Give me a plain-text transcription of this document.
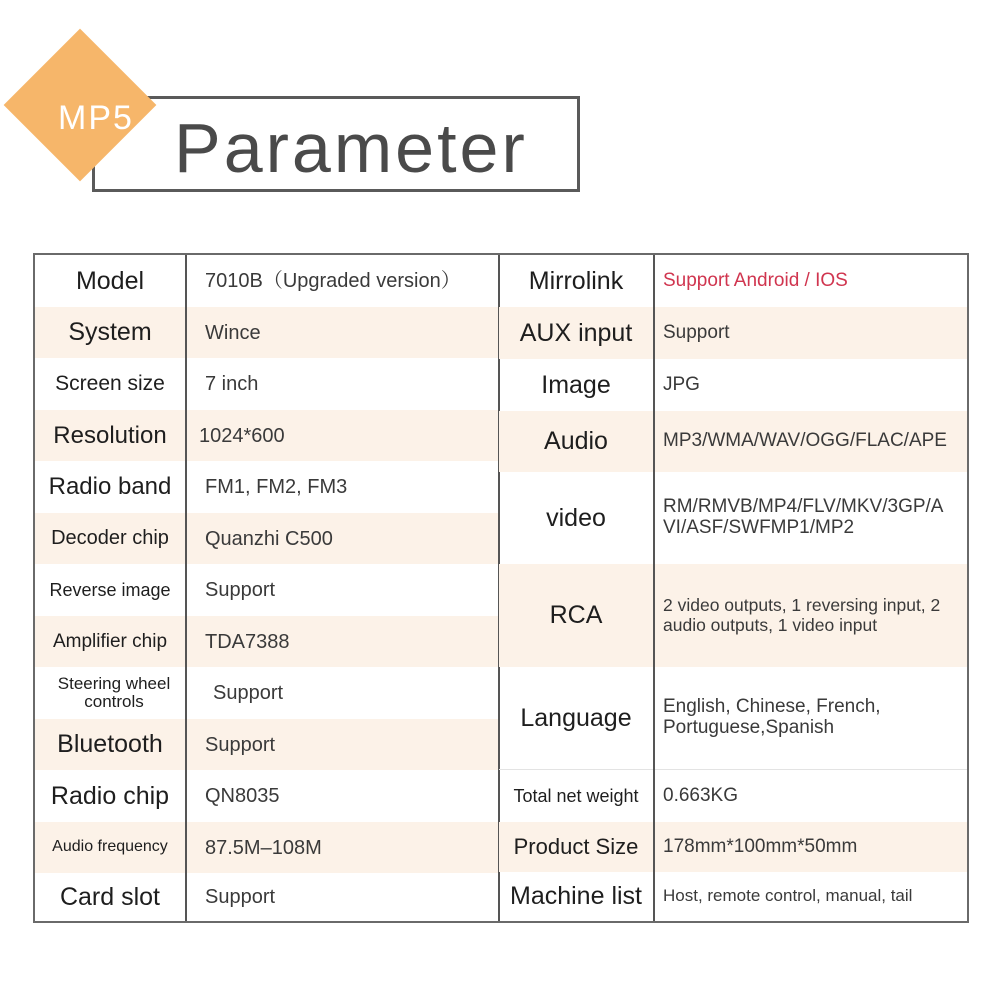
Parameter
MP5
Model	7010B（Upgraded version）
System	Wince
Screen size	7 inch
Resolution	1024*600
Radio band	FM1, FM2, FM3
Decoder chip	Quanzhi C500
Reverse image	Support
Amplifier chip	TDA7388
Steering wheel controls	Support
Bluetooth	Support
Radio chip	QN8035
Audio frequency	87.5M–108M
Card slot	Support
Mirrolink	Support Android / IOS
AUX input	Support
Image	JPG
Audio	MP3/WMA/WAV/OGG/FLAC/APE
video	RM/RMVB/MP4/FLV/MKV/3GP/AVI/ASF/SWFMP1/MP2
RCA	2 video outputs, 1 reversing input, 2 audio outputs, 1 video input
Language	English, Chinese, French, Portuguese,Spanish
Total net weight	0.663KG
Product Size	178mm*100mm*50mm
Machine list	Host, remote control, manual, tail
